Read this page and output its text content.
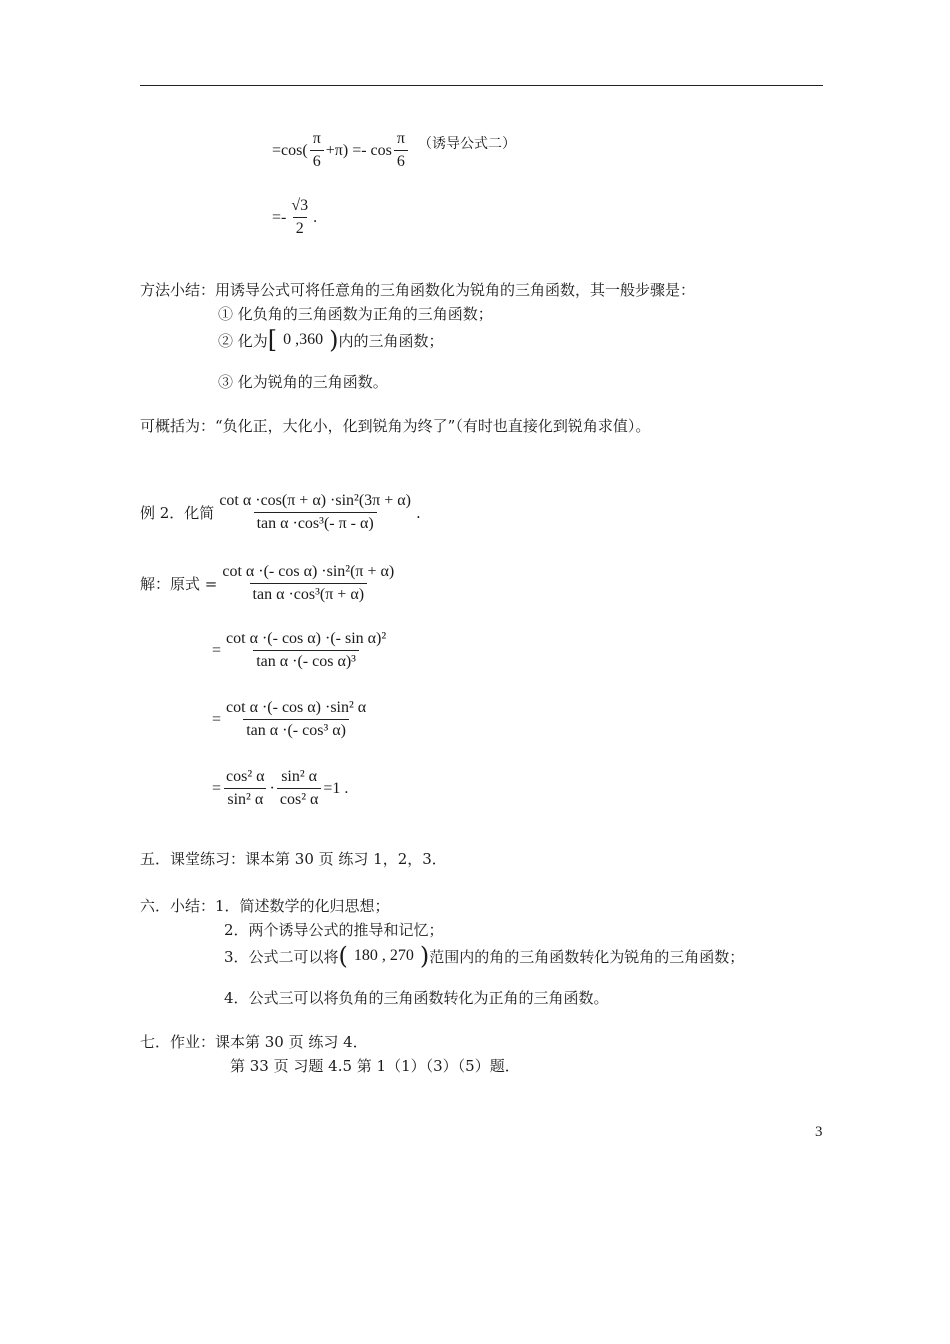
$=\cos( \frac{\pi}{6} +\pi) =- \cos \frac{\pi}{6}$ （诱导公式二）
=- $\frac{√3}{2}$ .
方法小结：用诱导公式可将任意角的三角函数化为锐角的三角函数，其一般步骤是：
① 化负角的三角函数为正角的三角函数；
② 化为 [ 0 ,360 ) 内的三角函数；
③ 化为锐角的三角函数。
可概括为：“负化正，大化小，化到锐角为终了”（有时也直接化到锐角求值）。
例 2．化简 $\frac{\text{cot α ·cos(π + α) ·sin²(3π + α)}}{\text{tan α ·cos³(- π - α)}}$ .
解：原式 = $\frac{\text{cot α ·(- cos α) ·sin²(π + α)}}{\text{tan α ·cos³(π + α)}}$
= $\frac{\text{cot α ·(- cos α) ·(- sin α)²}}{\text{tan α ·(- cos α)³}}$
= $\frac{\text{cot α ·(- cos α) ·sin² α}}{\text{tan α ·(- cos³ α)}}$
= $\frac{\text{cos² α}}{\text{sin² α}} \cdot \frac{\text{sin² α}}{\text{cos² α}} =1$ .
五．课堂练习：课本第 30 页 练习 1，2，3．
六．小结：1．简述数学的化归思想；
2．两个诱导公式的推导和记忆；
3．公式二可以将 ( 180 , 270 ) 范围内的角的三角函数转化为锐角的三角函数；
4．公式三可以将负角的三角函数转化为正角的三角函数。
七．作业：课本第 30 页 练习 4．
第 33 页 习题 4.5 第 1（1）（3）（5）题．
3
